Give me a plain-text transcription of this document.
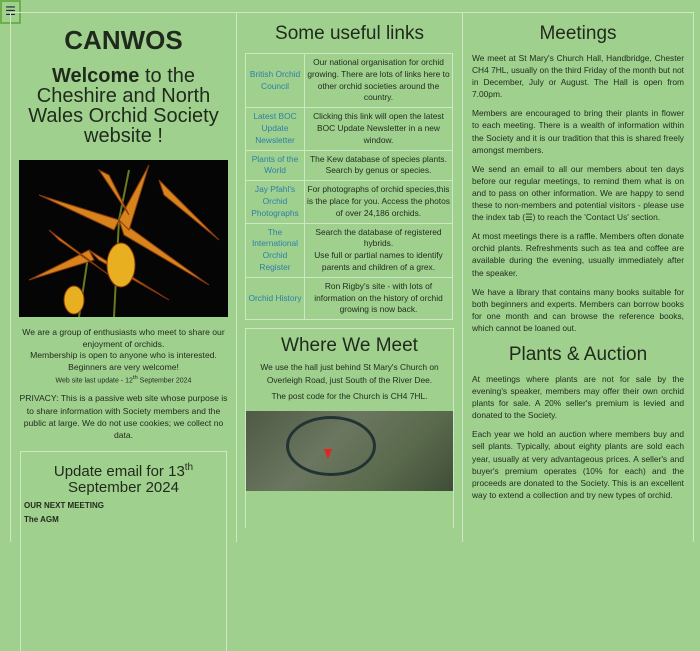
☰
CANWOS
Welcome to the Cheshire and North Wales Orchid Society website !
We are a group of enthusiasts who meet to share our enjoyment of orchids.
Membership is open to anyone who is interested.
Beginners are very welcome!
Web site last update - 12th September 2024
PRIVACY: This is a passive web site whose purpose is to share information with Society members and the public at large. We do not use cookies; we collect no data.
Update email for 13th September 2024
OUR NEXT MEETING
The AGM
Some useful links
British Orchid Council	Our national organisation for orchid growing. There are lots of links here to other orchid societies around the country.
Latest BOC Update Newsletter	Clicking this link will open the latest BOC Update Newsletter in a new window.
Plants of the World	The Kew database of species plants.
Search by genus or species.
Jay Pfahl's Orchid Photographs	For photographs of orchid species,this is the place for you. Access the photos of over 24,186 orchids.
The International Orchid Register	Search the database of registered hybrids.
Use full or partial names to identify parents and children of a grex.
Orchid History	Ron Rigby's site - with lots of information on the history of orchid growing is now back.
Where We Meet

We use the hall just behind St Mary's Church on Overleigh Road, just South of the River Dee.

The post code for the Church is CH4 7HL.

Meetings

We meet at St Mary's Church Hall, Handbridge, Chester CH4 7HL, usually on the third Friday of the month but not in December, July or August. The Hall is open from 7.00pm.

Members are encouraged to bring their plants in flower to each meeting. There is a wealth of information within the Society and it is our tradition that this is shared freely amongst members.

We send an email to all our members about ten days before our regular meetings, to remind them what is on and to pass on other information. We are happy to send these to non-members and potential visitors - please use the index tab (☰) to reach the 'Contact Us' section.

At most meetings there is a raffle. Members often donate orchid plants. Refreshments such as tea and coffee are available during the evening, usually immediately after the speaker.

We have a library that contains many books suitable for both beginners and experts. Members can borrow books for one month and can browse the reference books, which cannot be loaned out.

Plants & Auction

At meetings where plants are not for sale by the evening's speaker, members may offer their own orchid plants for sale. A 20% seller's premium is levied and donated to the Society.

Each year we hold an auction where members buy and sell plants. Typically, about eighty plants are sold each year, usually at very advantageous prices. A seller's and buyer's premium operates (10% for each) and the proceeds are donated to the Society. This is an excellent way to extend a collection and try new types of orchid.
